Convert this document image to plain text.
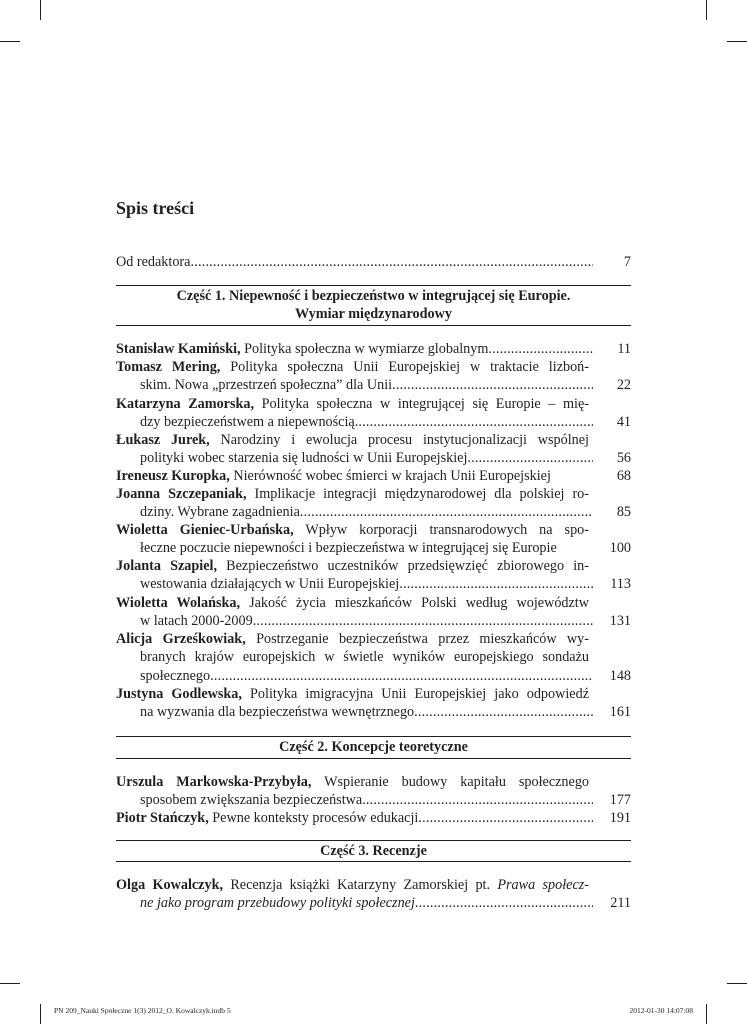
Spis treści
Od redaktora .....	7
Część 1. Niepewność i bezpieczeństwo w integrującej się Europie.
Wymiar międzynarodowy
Stanisław Kamiński, Polityka społeczna w wymiarze globalnym .....	11
Tomasz Mering, Polityka społeczna Unii Europejskiej w traktacie lizboń-
skim. Nowa „przestrzeń społeczna” dla Unii .....	22
Katarzyna Zamorska, Polityka społeczna w integrującej się Europie – mię-
dzy bezpieczeństwem a niepewnością .....	41
Łukasz Jurek, Narodziny i ewolucja procesu instytucjonalizacji wspólnej
polityki wobec starzenia się ludności w Unii Europejskiej .....	56
Ireneusz Kuropka, Nierówność wobec śmierci w krajach Unii Europejskiej	68
Joanna Szczepaniak, Implikacje integracji międzynarodowej dla polskiej ro-
dziny. Wybrane zagadnienia .....	85
Wioletta Gieniec-Urbańska, Wpływ korporacji transnarodowych na spo-
łeczne poczucie niepewności i bezpieczeństwa w integrującej się Europie	100
Jolanta Szapiel, Bezpieczeństwo uczestników przedsięwzięć zbiorowego in-
westowania działających w Unii Europejskiej .....	113
Wioletta Wolańska, Jakość życia mieszkańców Polski według województw
w latach 2000-2009 .....	131
Alicja Grześkowiak, Postrzeganie bezpieczeństwa przez mieszkańców wy-
branych krajów europejskich w świetle wyników europejskiego sondażu
społecznego .....	148
Justyna Godlewska, Polityka imigracyjna Unii Europejskiej jako odpowiedź
na wyzwania dla bezpieczeństwa wewnętrznego .....	161
Część 2. Koncepcje teoretyczne
Urszula Markowska-Przybyła, Wspieranie budowy kapitału społecznego
sposobem zwiększania bezpieczeństwa .....	177
Piotr Stańczyk, Pewne konteksty procesów edukacji .....	191
Część 3. Recenzje
Olga Kowalczyk, Recenzja książki Katarzyny Zamorskiej pt. Prawa społecz-
ne jako program przebudowy polityki społecznej .....	211
PN 209_Nauki Społeczne 1(3) 2012_O. Kowalczyk.indb 5	2012-01-30 14:07:08
